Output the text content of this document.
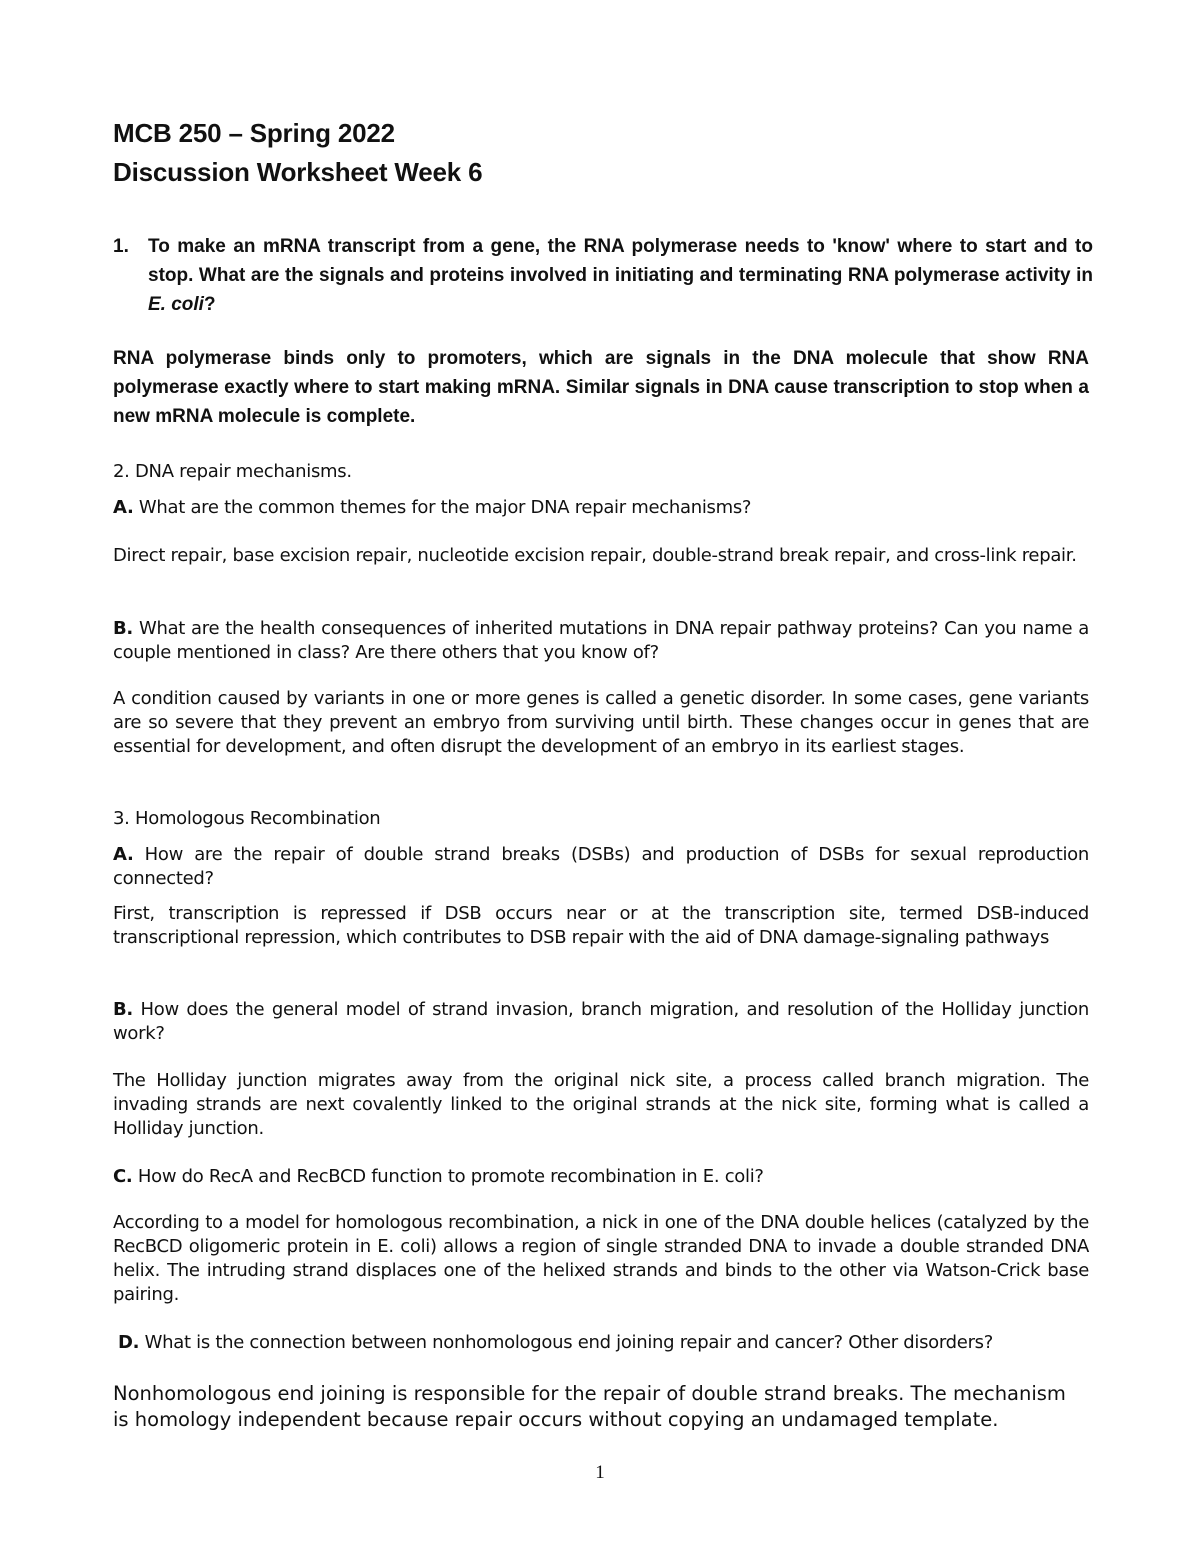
MCB 250 – Spring 2022
Discussion Worksheet Week 6
1. To make an mRNA transcript from a gene, the RNA polymerase needs to 'know' where to start and to stop. What are the signals and proteins involved in initiating and terminating RNA polymerase activity in E. coli?
RNA polymerase binds only to promoters, which are signals in the DNA molecule that show RNA polymerase exactly where to start making mRNA. Similar signals in DNA cause transcription to stop when a new mRNA molecule is complete.
2. DNA repair mechanisms.
A. What are the common themes for the major DNA repair mechanisms?
Direct repair, base excision repair, nucleotide excision repair, double-strand break repair, and cross-link repair.
B. What are the health consequences of inherited mutations in DNA repair pathway proteins? Can you name a couple mentioned in class? Are there others that you know of?
A condition caused by variants in one or more genes is called a genetic disorder. In some cases, gene variants are so severe that they prevent an embryo from surviving until birth. These changes occur in genes that are essential for development, and often disrupt the development of an embryo in its earliest stages.
3. Homologous Recombination
A. How are the repair of double strand breaks (DSBs) and production of DSBs for sexual reproduction connected?
First, transcription is repressed if DSB occurs near or at the transcription site, termed DSB-induced transcriptional repression, which contributes to DSB repair with the aid of DNA damage-signaling pathways
B. How does the general model of strand invasion, branch migration, and resolution of the Holliday junction work?
The Holliday junction migrates away from the original nick site, a process called branch migration. The invading strands are next covalently linked to the original strands at the nick site, forming what is called a Holliday junction.
C. How do RecA and RecBCD function to promote recombination in E. coli?
According to a model for homologous recombination, a nick in one of the DNA double helices (catalyzed by the RecBCD oligomeric protein in E. coli) allows a region of single stranded DNA to invade a double stranded DNA helix. The intruding strand displaces one of the helixed strands and binds to the other via Watson-Crick base pairing.
D. What is the connection between nonhomologous end joining repair and cancer? Other disorders?
Nonhomologous end joining is responsible for the repair of double strand breaks. The mechanism is homology independent because repair occurs without copying an undamaged template.
1
